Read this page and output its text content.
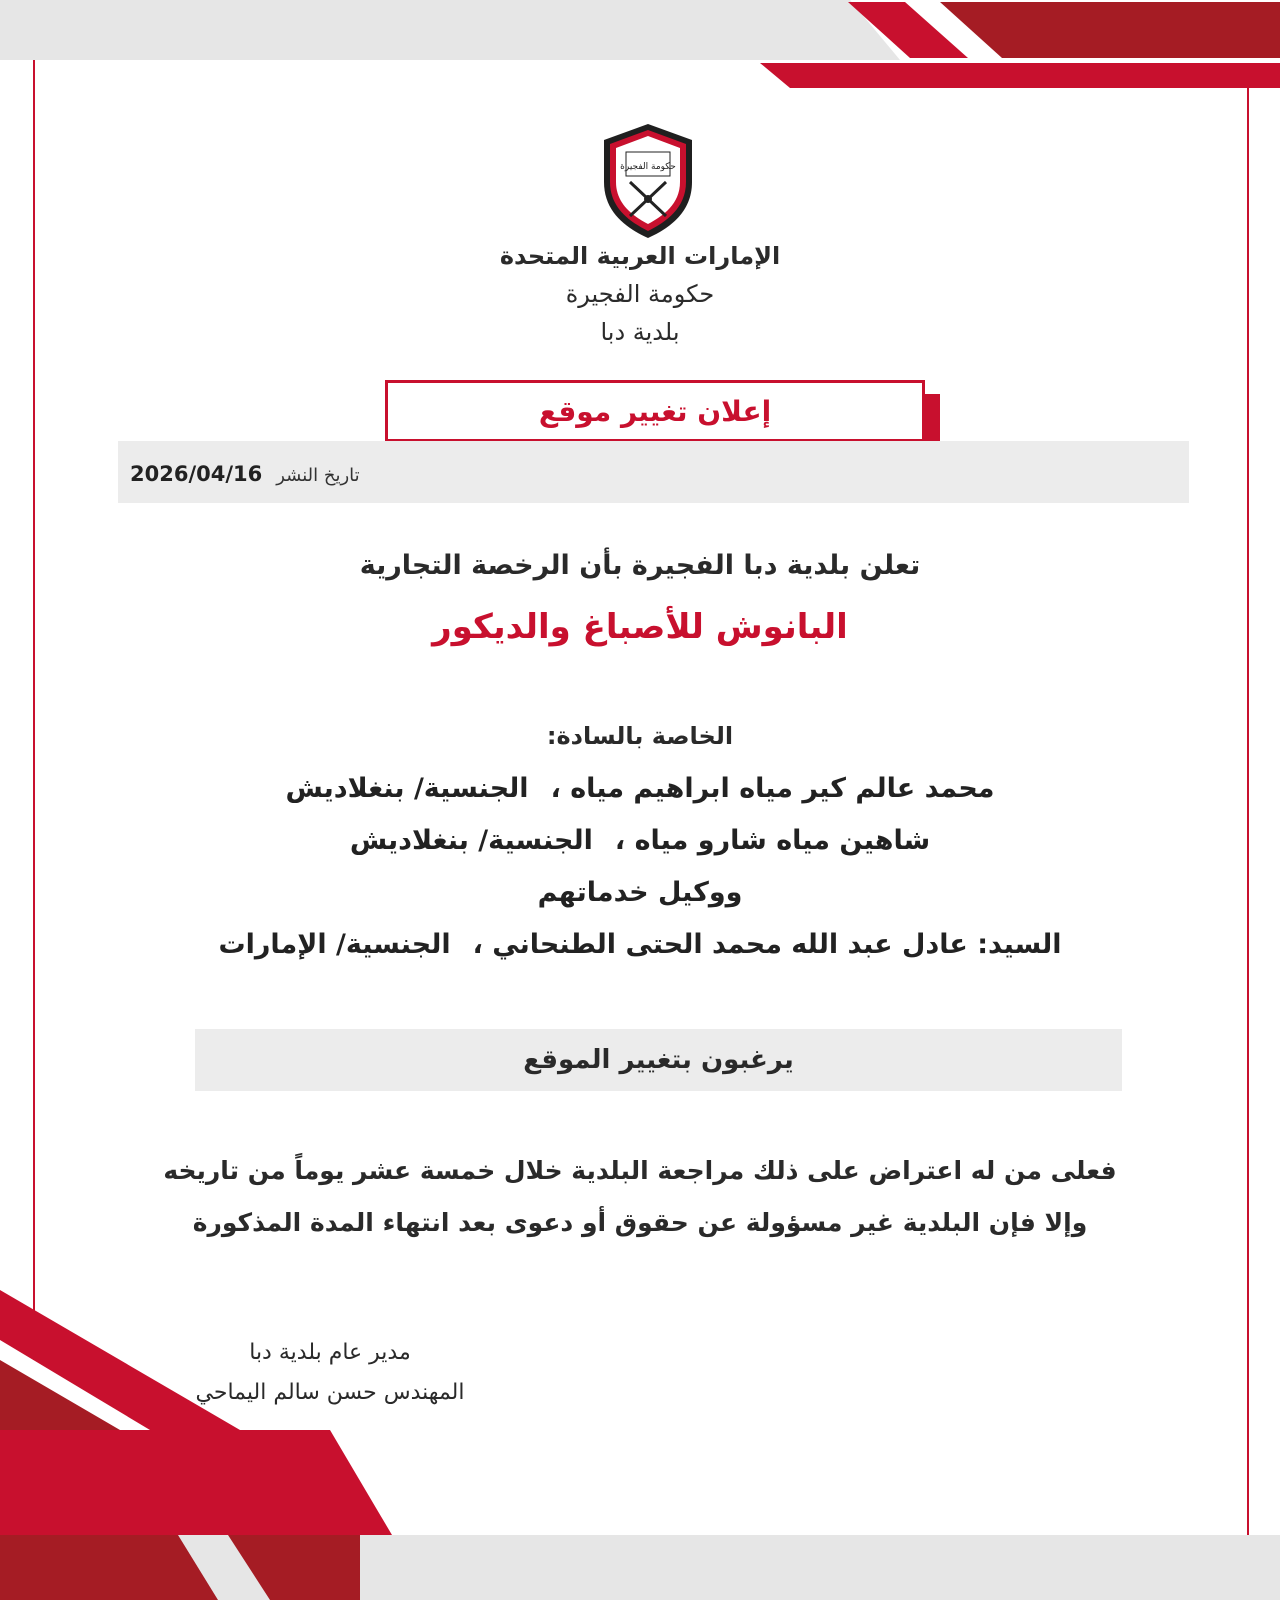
حكومة الفجيرة
الإمارات العربية المتحدة
حكومة الفجيرة
بلدية دبا
إعلان تغيير موقع
تاريخ النشر
2026/04/16
تعلن بلدية دبا الفجيرة بأن الرخصة التجارية
البانوش للأصباغ والديكور
الخاصة بالسادة:
محمد عالم كير مياه ابراهيم مياه ،الجنسية/ بنغلاديش
شاهين مياه شارو مياه ،الجنسية/ بنغلاديش
ووكيل خدماتهم
السيد: عادل عبد الله محمد الحتى الطنحاني ،الجنسية/ الإمارات
يرغبون بتغيير الموقع
فعلى من له اعتراض على ذلك مراجعة البلدية خلال خمسة عشر يوماً من تاريخه
وإلا فإن البلدية غير مسؤولة عن حقوق أو دعوى بعد انتهاء المدة المذكورة
مدير عام بلدية دبا
المهندس حسن سالم اليماحي
